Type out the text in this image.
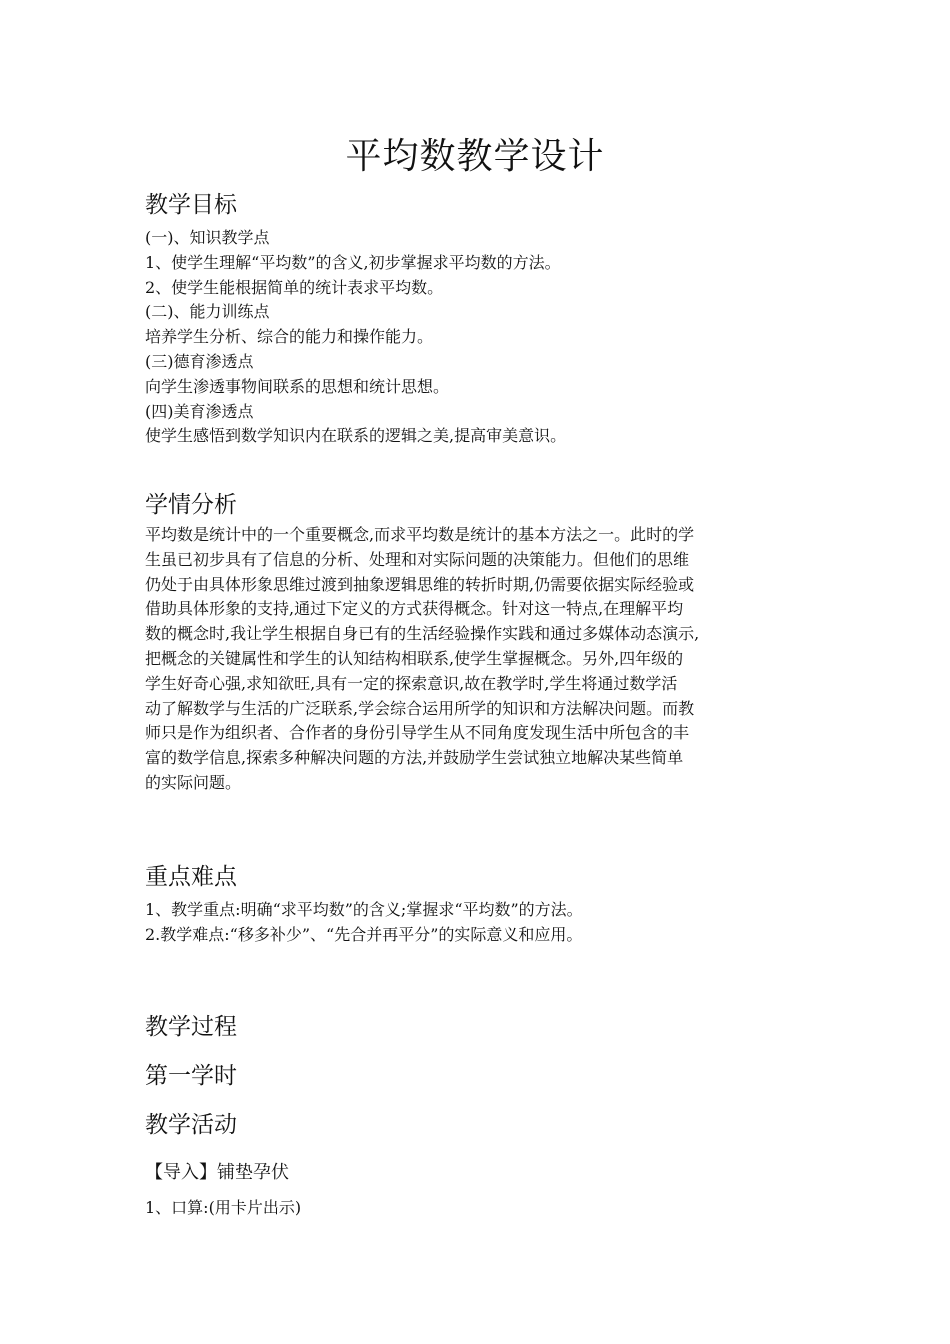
平均数教学设计
教学目标
(一)、知识教学点
1、使学生理解“平均数”的含义,初步掌握求平均数的方法。
2、使学生能根据简单的统计表求平均数。
(二)、能力训练点
培养学生分析、综合的能力和操作能力。
(三)德育渗透点
向学生渗透事物间联系的思想和统计思想。
(四)美育渗透点
使学生感悟到数学知识内在联系的逻辑之美,提高审美意识。
学情分析
平均数是统计中的一个重要概念,而求平均数是统计的基本方法之一。此时的学
生虽已初步具有了信息的分析、处理和对实际问题的决策能力。但他们的思维
仍处于由具体形象思维过渡到抽象逻辑思维的转折时期,仍需要依据实际经验或
借助具体形象的支持,通过下定义的方式获得概念。针对这一特点,在理解平均
数的概念时,我让学生根据自身已有的生活经验操作实践和通过多媒体动态演示,
把概念的关键属性和学生的认知结构相联系,使学生掌握概念。另外,四年级的
学生好奇心强,求知欲旺,具有一定的探索意识,故在教学时,学生将通过数学活
动了解数学与生活的广泛联系,学会综合运用所学的知识和方法解决问题。而教
师只是作为组织者、合作者的身份引导学生从不同角度发现生活中所包含的丰
富的数学信息,探索多种解决问题的方法,并鼓励学生尝试独立地解决某些简单
的实际问题。
重点难点
1、教学重点:明确“求平均数”的含义;掌握求“平均数”的方法。
2.教学难点:“移多补少”、“先合并再平分”的实际意义和应用。
教学过程
第一学时
教学活动
【导入】铺垫孕伏
1、口算:(用卡片出示)
